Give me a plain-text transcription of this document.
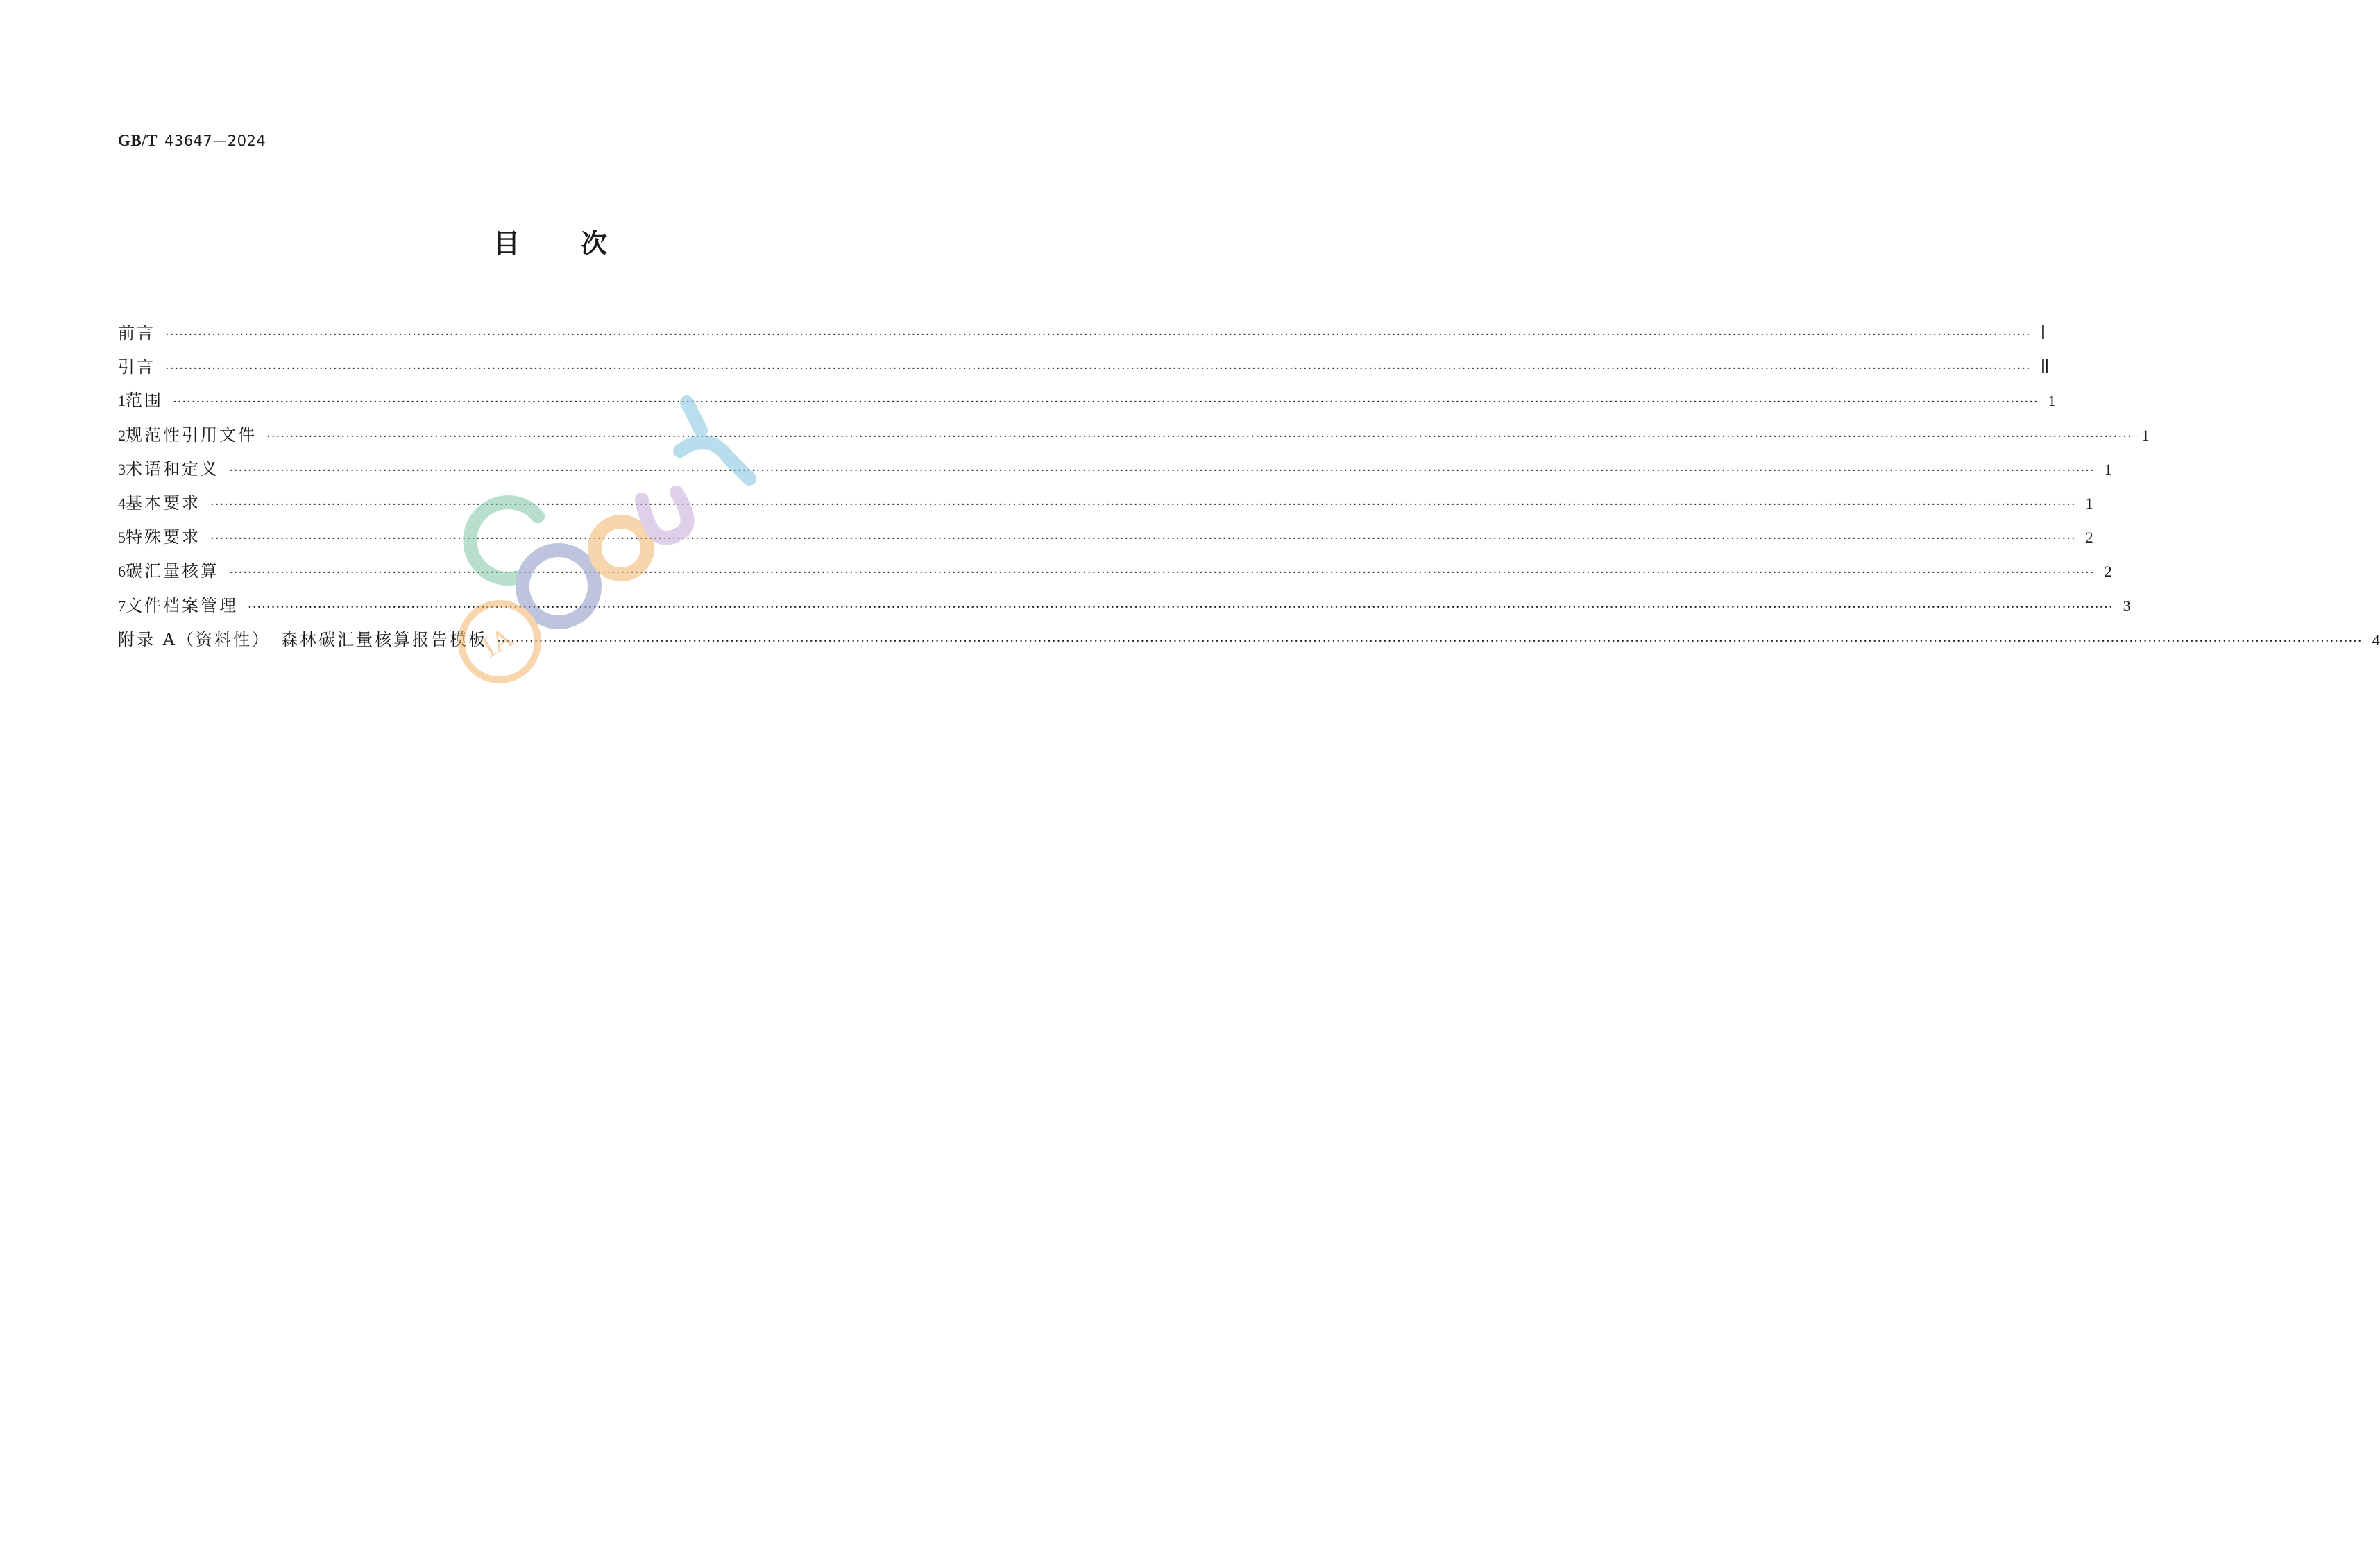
GB/T 43647—2024
目 次
前言 ················································································································································································································································································································································································································ Ⅰ
引言 ················································································································································································································································································································································································································ Ⅱ
1 范围 ················································································································································································································································································································································································································ 1
2 规范性引用文件 ················································································································································································································································································································································································································ 1
3 术语和定义 ················································································································································································································································································································································································································ 1
4 基本要求 ················································································································································································································································································································································································································ 1
5 特殊要求 ················································································································································································································································································································································································································ 2
6 碳汇量核算 ················································································································································································································································································································································································································ 2
7 文件档案管理 ················································································································································································································································································································································································································ 3
附录 A（资料性）　森林碳汇量核算报告模板 ················································································································································································································································································································································································································ 4
IA
